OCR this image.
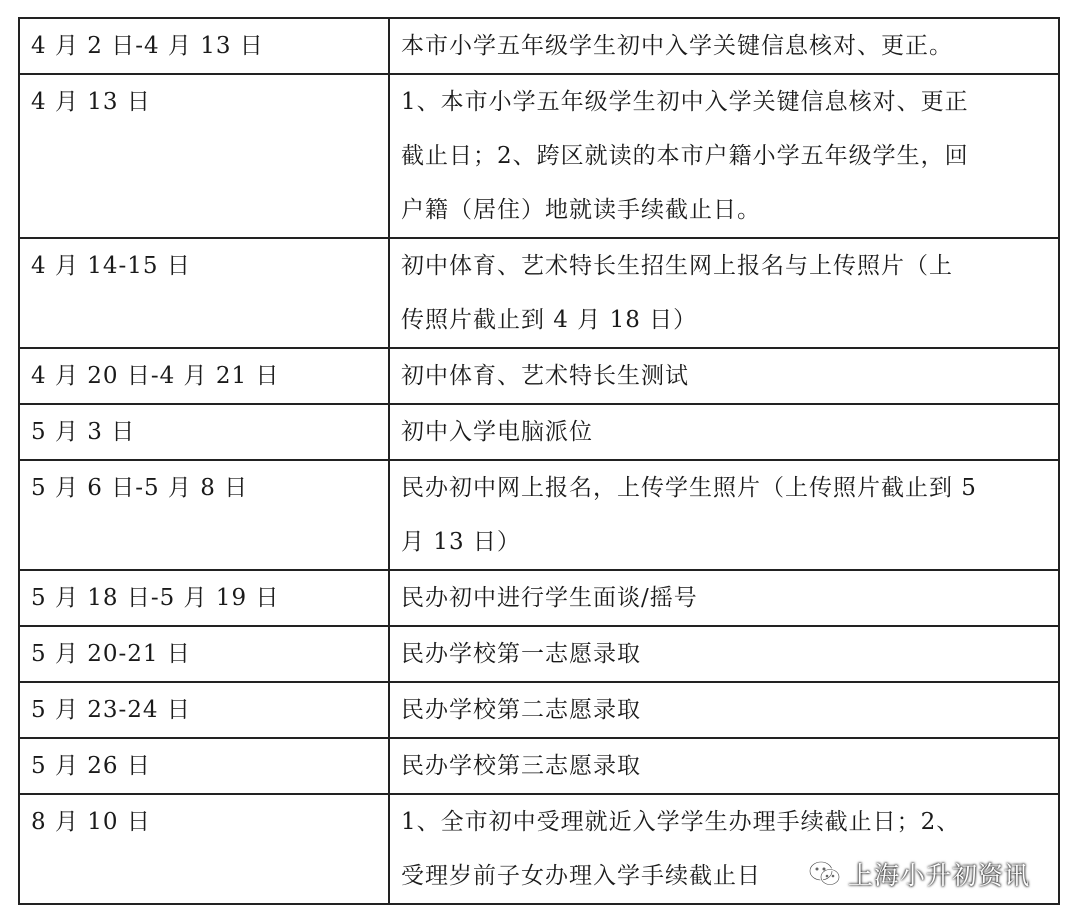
4 月 2 日-4 月 13 日	本市小学五年级学生初中入学关键信息核对、更正。
4 月 13 日	1、本市小学五年级学生初中入学关键信息核对、更正
截止日；2、跨区就读的本市户籍小学五年级学生，回
户籍（居住）地就读手续截止日。

4 月 14-15 日	初中体育、艺术特长生招生网上报名与上传照片（上
传照片截止到 4 月 18 日）

4 月 20 日-4 月 21 日	初中体育、艺术特长生测试
5 月 3 日	初中入学电脑派位
5 月 6 日-5 月 8 日	民办初中网上报名，上传学生照片（上传照片截止到 5
月 13 日）

5 月 18 日-5 月 19 日	民办初中进行学生面谈/摇号
5 月 20-21 日	民办学校第一志愿录取
5 月 23-24 日	民办学校第二志愿录取
5 月 26 日	民办学校第三志愿录取
8 月 10 日	1、全市初中受理就近入学学生办理手续截止日；2、
受理岁前子女办理入学手续截止日	上海小升初资讯
